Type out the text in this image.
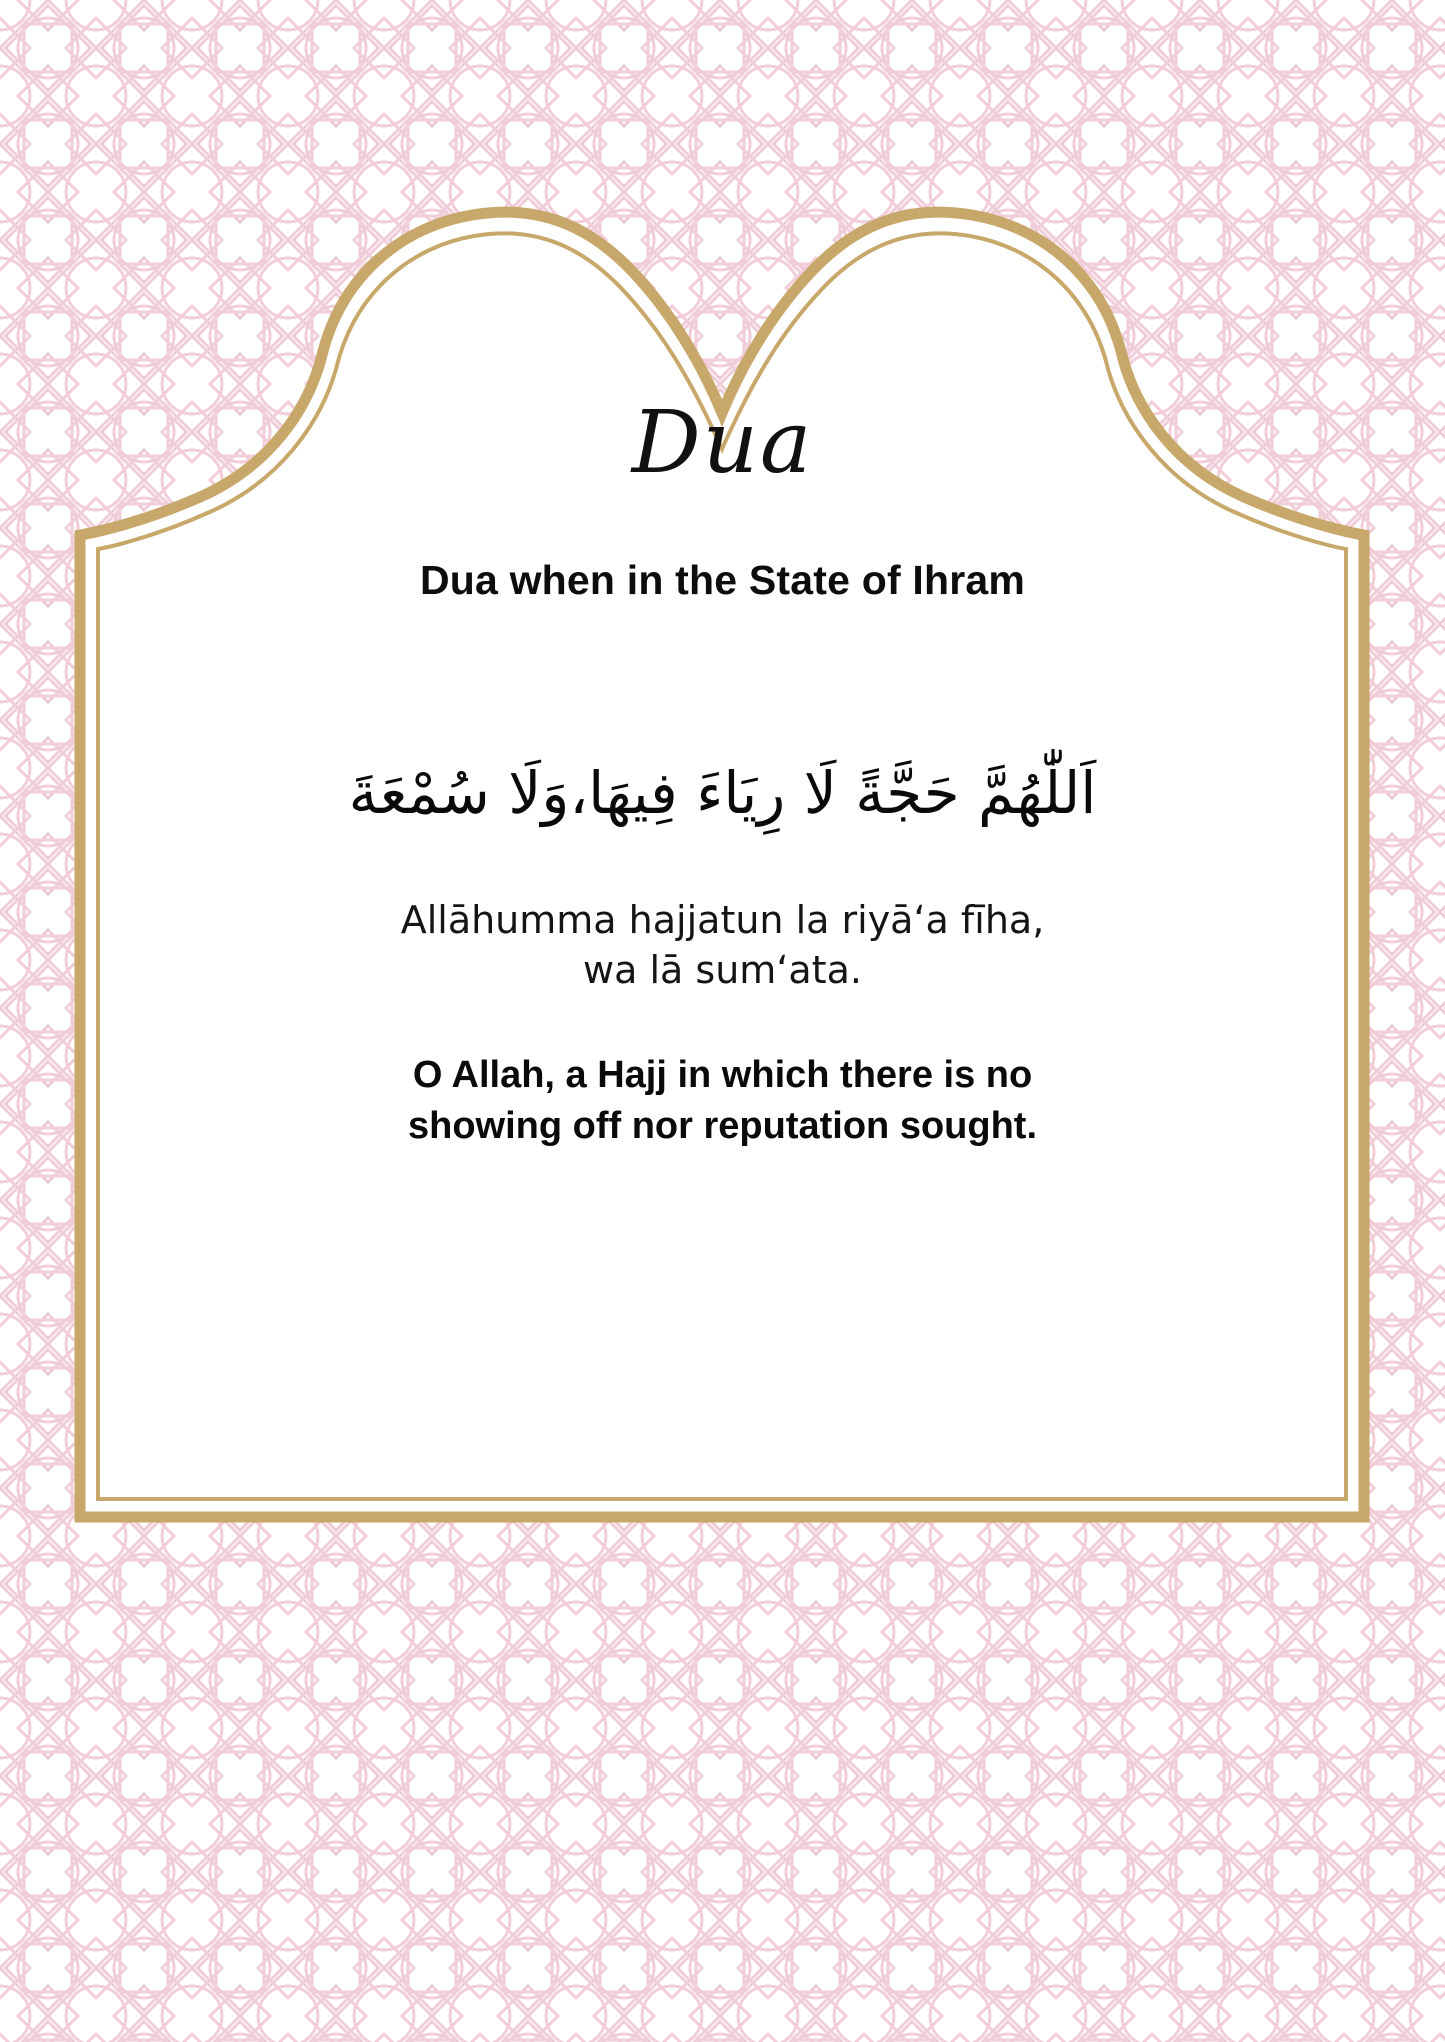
Dua
Dua when in the State of Ihram
اَللّٰهُمَّ حَجَّةً لَا رِيَاءَ فِيهَا،وَلَا سُمْعَةَ
Allāhumma hajjatun la riyā‘a fīha,
wa lā sum‘ata.
O Allah, a Hajj in which there is no
showing off nor reputation sought.
